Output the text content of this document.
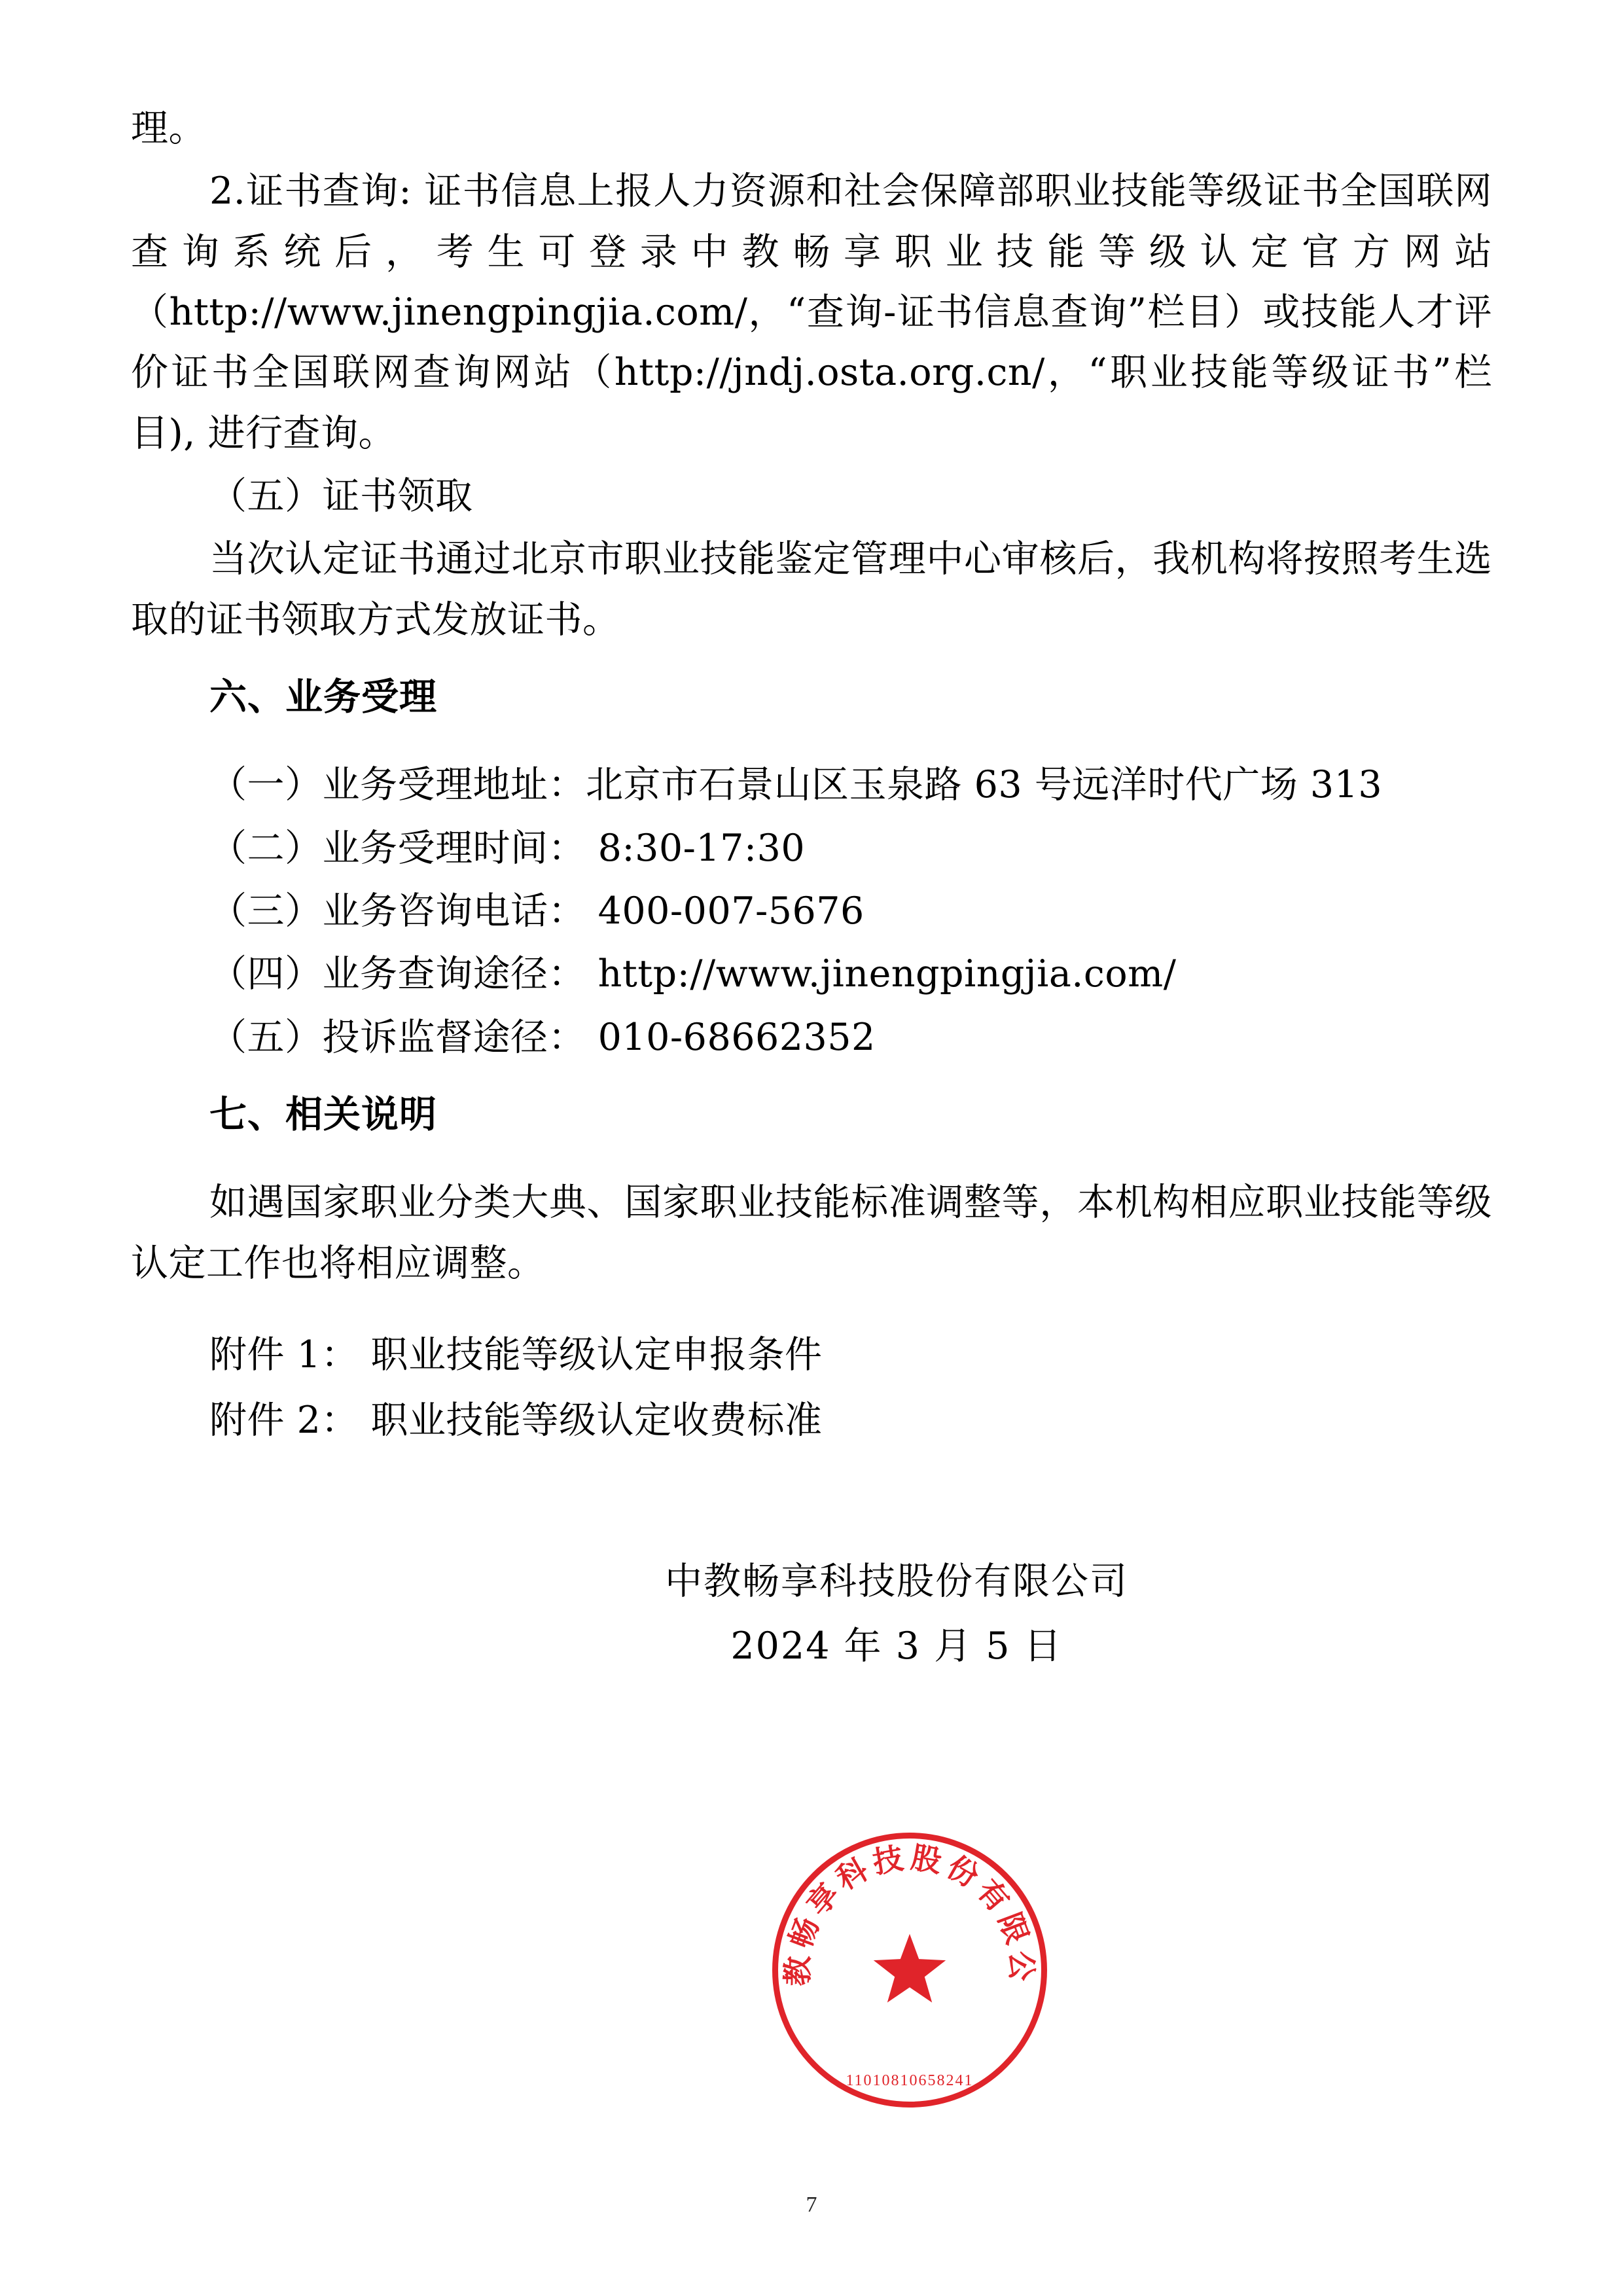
理。

2.证书查询: 证书信息上报人力资源和社会保障部职业技能等级证书全国联网查询系统后，考生可登录中教畅享职业技能等级认定官方网站（http://www.jinengpingjia.com/，“查询-证书信息查询”栏目）或技能人才评价证书全国联网查询网站（http://jndj.osta.org.cn/，“职业技能等级证书”栏目), 进行查询。

（五）证书领取

当次认定证书通过北京市职业技能鉴定管理中心审核后，我机构将按照考生选取的证书领取方式发放证书。

六、业务受理

（一）业务受理地址：北京市石景山区玉泉路 63 号远洋时代广场 313

（二）业务受理时间： 8:30-17:30

（三）业务咨询电话： 400-007-5676

（四）业务查询途径： http://www.jinengpingjia.com/

（五）投诉监督途径： 010-68662352

七、相关说明

如遇国家职业分类大典、国家职业技能标准调整等，本机构相应职业技能等级认定工作也将相应调整。

附件 1： 职业技能等级认定申报条件

附件 2： 职业技能等级认定收费标准

中教畅享科技股份有限公司
2024 年 3 月 5 日
中教畅享科技股份有限公司
11010810658241
7
